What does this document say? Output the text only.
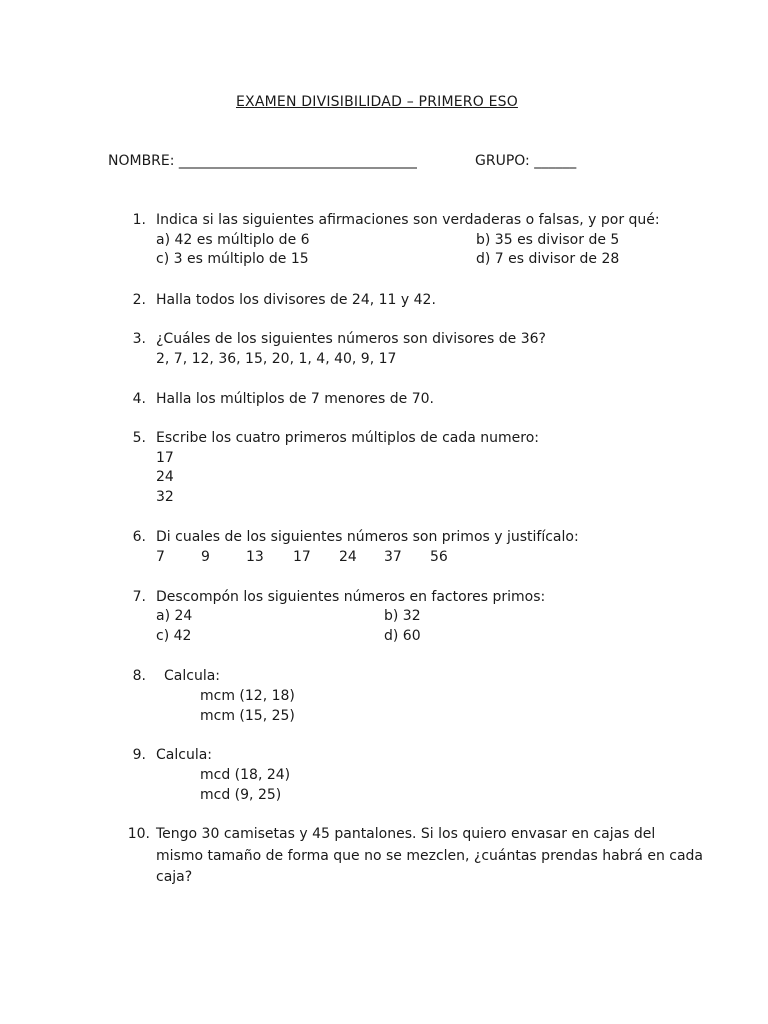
EXAMEN DIVISIBILIDAD – PRIMERO ESO
NOMBRE: __________________________________	GRUPO: ______
1. Indica si las siguientes afirmaciones son verdaderas o falsas, y por qué:
a) 42 es múltiplo de 6	b) 35 es divisor de 5
c) 3 es múltiplo de 15	d) 7 es divisor de 28
2. Halla todos los divisores de 24, 11 y 42.
3. ¿Cuáles de los siguientes números son divisores de 36?
2, 7, 12, 36, 15, 20, 1, 4, 40, 9, 17
4. Halla los múltiplos de 7 menores de 70.
5. Escribe los cuatro primeros múltiplos de cada numero:
17
24
32
6. Di cuales de los siguientes números son primos y justifícalo:
7	9	13 17 24 37 56
7. Descompón los siguientes números en factores primos:
a) 24	b) 32
c) 42	d) 60
8. Calcula:
mcm (12, 18)
mcm (15, 25)
9. Calcula:
mcd (18, 24)
mcd (9, 25)
10. Tengo 30 camisetas y 45 pantalones. Si los quiero envasar en cajas del
mismo tamaño de forma que no se mezclen, ¿cuántas prendas habrá en cada
caja?
